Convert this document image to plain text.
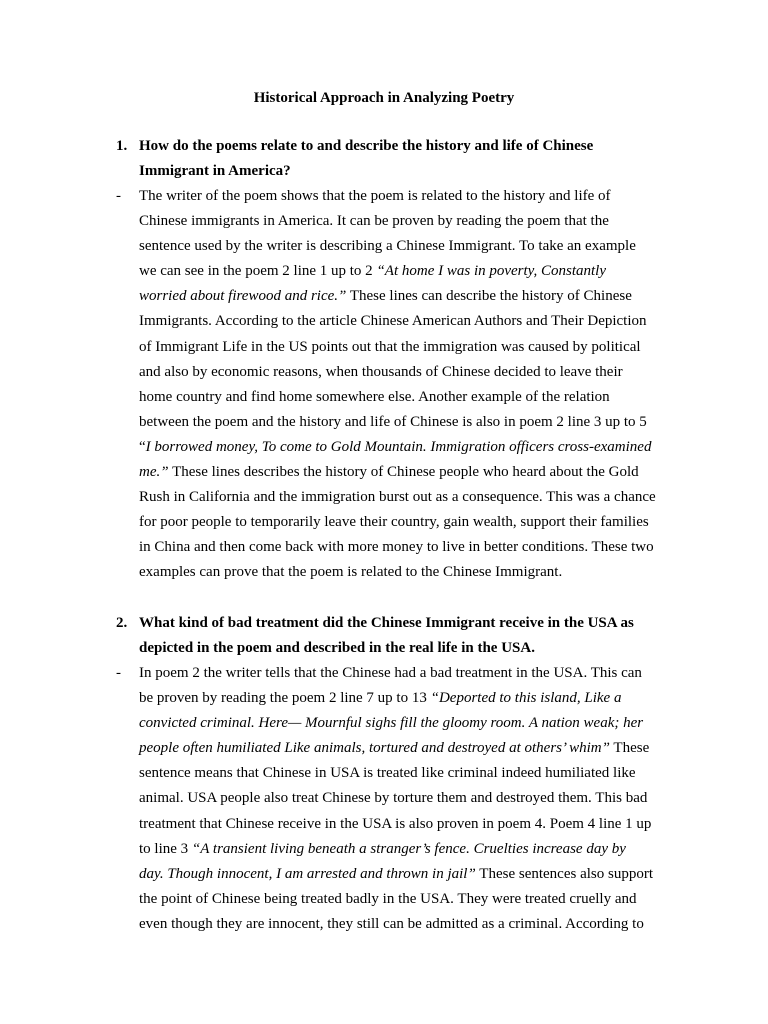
Historical Approach in Analyzing Poetry
1. How do the poems relate to and describe the history and life of Chinese
Immigrant in America?
- The writer of the poem shows that the poem is related to the history and life of
Chinese immigrants in America. It can be proven by reading the poem that the
sentence used by the writer is describing a Chinese Immigrant. To take an example
we can see in the poem 2 line 1 up to 2 “At home I was in poverty, Constantly
worried about firewood and rice.” These lines can describe the history of Chinese
Immigrants. According to the article Chinese American Authors and Their Depiction
of Immigrant Life in the US points out that the immigration was caused by political
and also by economic reasons, when thousands of Chinese decided to leave their
home country and find home somewhere else. Another example of the relation
between the poem and the history and life of Chinese is also in poem 2 line 3 up to 5
“I borrowed money, To come to Gold Mountain. Immigration officers cross-examined
me.” These lines describes the history of Chinese people who heard about the Gold
Rush in California and the immigration burst out as a consequence. This was a chance
for poor people to temporarily leave their country, gain wealth, support their families
in China and then come back with more money to live in better conditions. These two
examples can prove that the poem is related to the Chinese Immigrant.
2. What kind of bad treatment did the Chinese Immigrant receive in the USA as
depicted in the poem and described in the real life in the USA.
- In poem 2 the writer tells that the Chinese had a bad treatment in the USA. This can
be proven by reading the poem 2 line 7 up to 13 “Deported to this island, Like a
convicted criminal. Here— Mournful sighs fill the gloomy room. A nation weak; her
people often humiliated Like animals, tortured and destroyed at others’ whim” These
sentence means that Chinese in USA is treated like criminal indeed humiliated like
animal. USA people also treat Chinese by torture them and destroyed them. This bad
treatment that Chinese receive in the USA is also proven in poem 4. Poem 4 line 1 up
to line 3 “A transient living beneath a stranger’s fence. Cruelties increase day by
day. Though innocent, I am arrested and thrown in jail” These sentences also support
the point of Chinese being treated badly in the USA. They were treated cruelly and
even though they are innocent, they still can be admitted as a criminal. According to
